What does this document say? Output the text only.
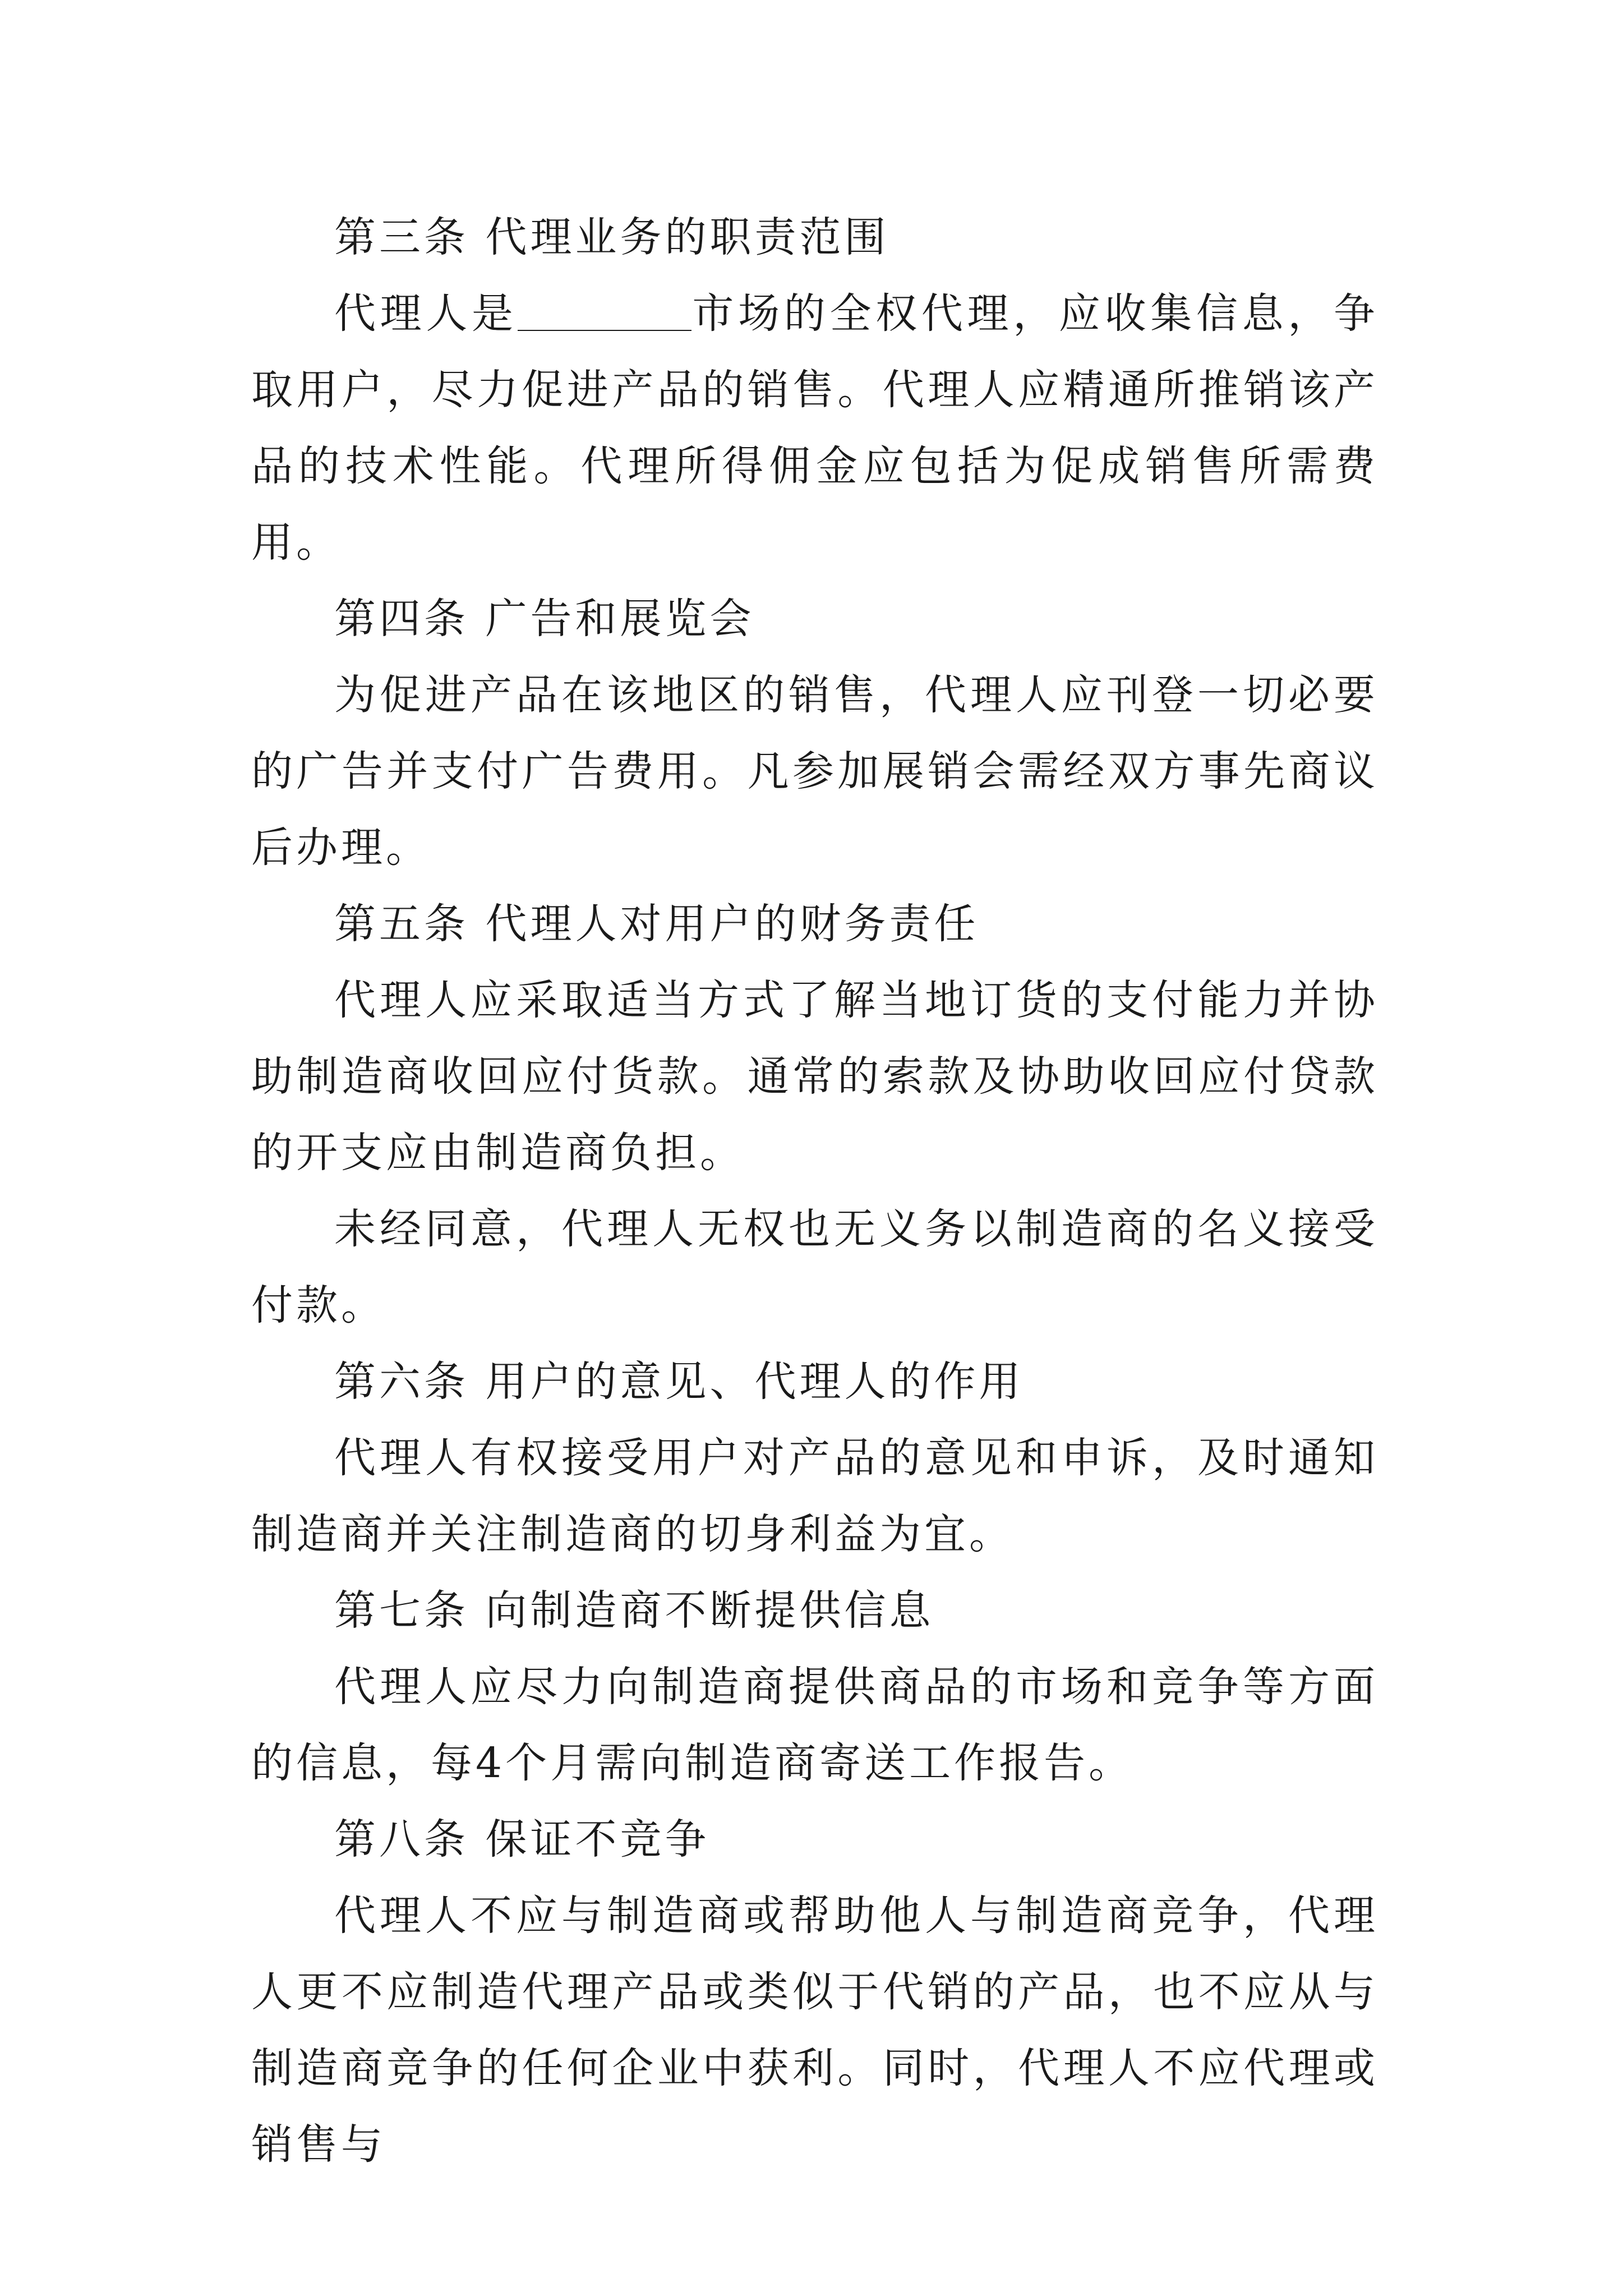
第三条 代理业务的职责范围

代理人是	市场的全权代理，应收集信息，争取用户，尽力促进产品的销售。代理人应精通所推销该产品的技术性能。代理所得佣金应包括为促成销售所需费用。

第四条 广告和展览会

为促进产品在该地区的销售，代理人应刊登一切必要的广告并支付广告费用。凡参加展销会需经双方事先商议后办理。

第五条 代理人对用户的财务责任

代理人应采取适当方式了解当地订货的支付能力并协助制造商收回应付货款。通常的索款及协助收回应付贷款的开支应由制造商负担。

未经同意，代理人无权也无义务以制造商的名义接受付款。

第六条 用户的意见、代理人的作用

代理人有权接受用户对产品的意见和申诉，及时通知制造商并关注制造商的切身利益为宜。

第七条 向制造商不断提供信息

代理人应尽力向制造商提供商品的市场和竞争等方面的信息，每4个月需向制造商寄送工作报告。

第八条 保证不竞争

代理人不应与制造商或帮助他人与制造商竞争，代理人更不应制造代理产品或类似于代销的产品，也不应从与制造商竞争的任何企业中获利。同时，代理人不应代理或销售与
